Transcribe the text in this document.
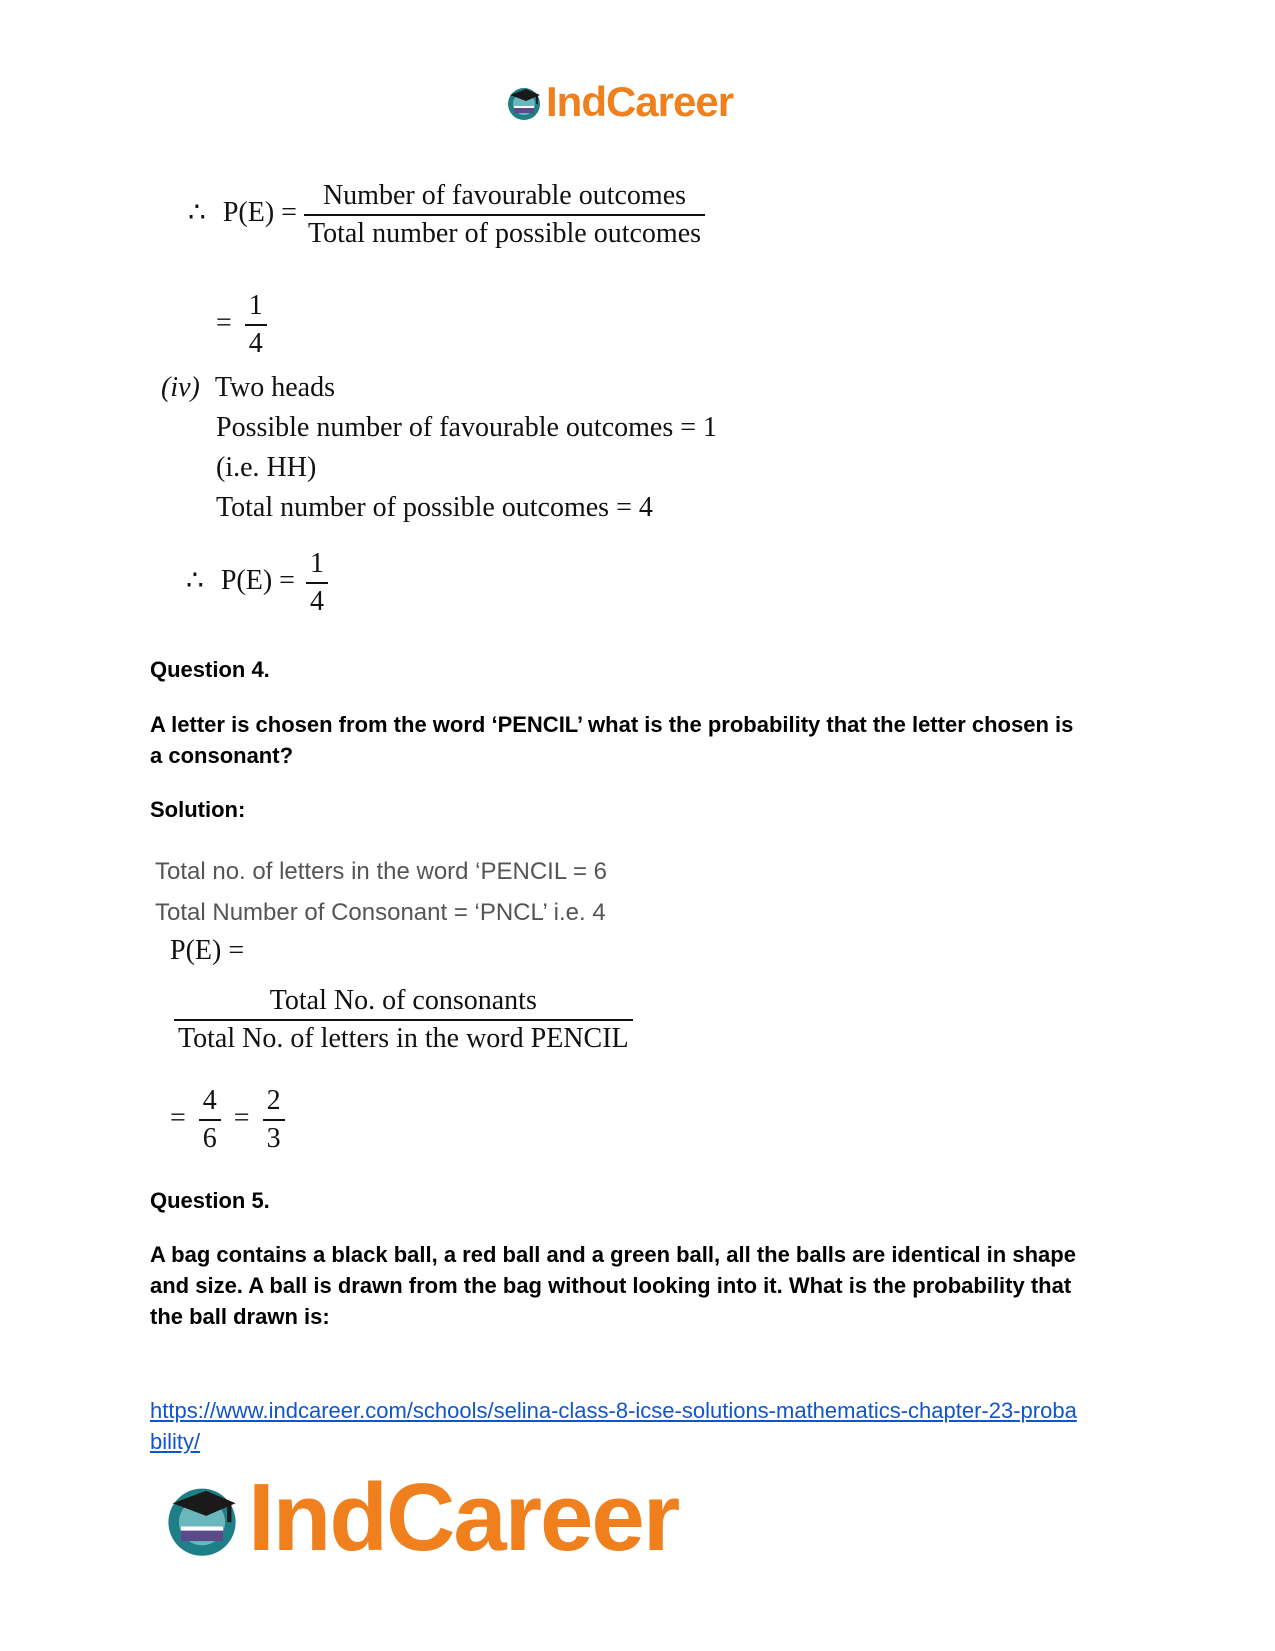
IndCareer
∴ $P(E) = \frac{\text{Number of favourable outcomes}}{\text{Total number of possible outcomes}}$
= $\frac{1}{4}$
(iv) Two heads
Possible number of favourable outcomes = 1
(i.e. HH)
Total number of possible outcomes = 4
∴ $P(E) = \frac{1}{4}$
Question 4.
A letter is chosen from the word ‘PENCIL’ what is the probability that the letter chosen is
a consonant?
Solution:
Total no. of letters in the word ‘PENCIL = 6
Total Number of Consonant = ‘PNCL’ i.e. 4
P(E) =
$\frac{\text{Total No. of consonants}}{\text{Total No. of letters in the word PENCIL}}$
= $\frac{4}{6} = \frac{2}{3}$
Question 5.
A bag contains a black ball, a red ball and a green ball, all the balls are identical in shape
and size. A ball is drawn from the bag without looking into it. What is the probability that
the ball drawn is:
https://www.indcareer.com/schools/selina-class-8-icse-solutions-mathematics-chapter-23-proba
bility/
IndCareer
